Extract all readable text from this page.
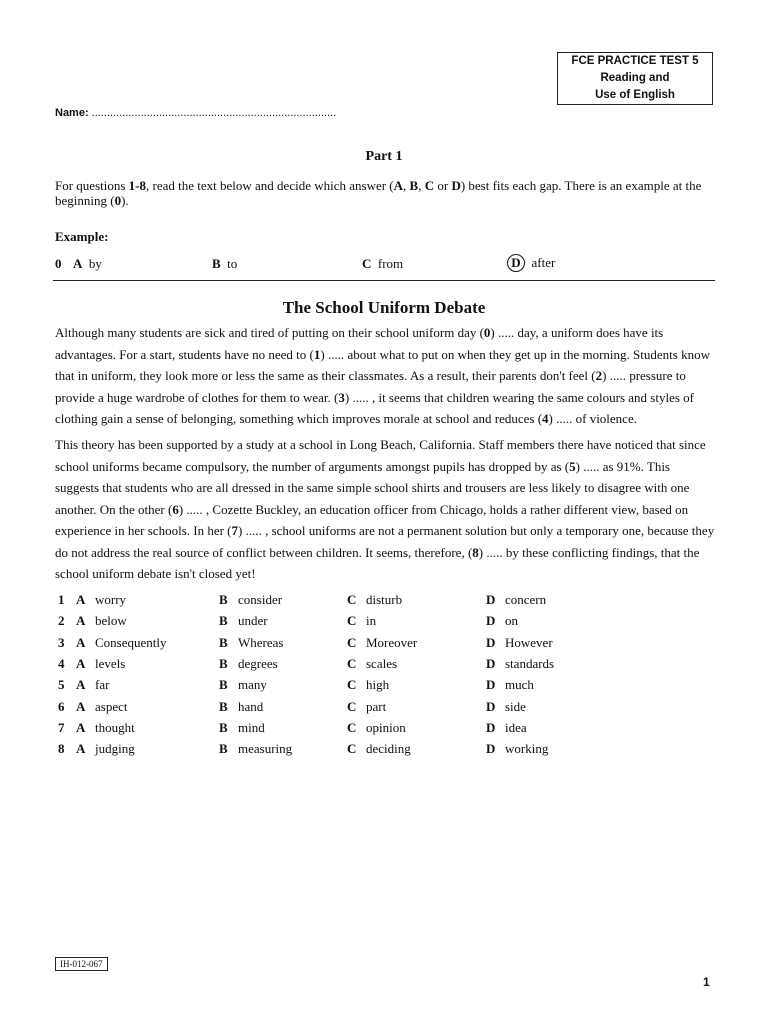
FCE PRACTICE TEST 5
Reading and
Use of English
Name: ................................................................................
Part 1
For questions 1-8, read the text below and decide which answer (A, B, C or D) best fits each gap. There is an example at the beginning (0).
Example:
0 A by	B to	C from	D after
The School Uniform Debate

Although many students are sick and tired of putting on their school uniform day (0) ..... day, a uniform does have its advantages. For a start, students have no need to (1) ..... about what to put on when they get up in the morning. Students know that in uniform, they look more or less the same as their classmates. As a result, their parents don't feel (2) ..... pressure to provide a huge wardrobe of clothes for them to wear. (3) ..... , it seems that children wearing the same colours and styles of clothing gain a sense of belonging, something which improves morale at school and reduces (4) ..... of violence.

This theory has been supported by a study at a school in Long Beach, California. Staff members there have noticed that since school uniforms became compulsory, the number of arguments amongst pupils has dropped by as (5) ..... as 91%. This suggests that students who are all dressed in the same simple school shirts and trousers are less likely to disagree with one another. On the other (6) ..... , Cozette Buckley, an education officer from Chicago, holds a rather different view, based on experience in her schools. In her (7) ..... , school uniforms are not a permanent solution but only a temporary one, because they do not address the real source of conflict between children. It seems, therefore, (8) ..... by these conflicting findings, that the school uniform debate isn't closed yet!

1 A worry	B consider	C disturb	D concern
2 A below	B under	C in	D on
3 A Consequently	B Whereas	C Moreover	D However
4 A levels	B degrees	C scales	D standards
5 A far	B many	C high	D much
6 A aspect	B hand	C part	D side
7 A thought	B mind	C opinion	D idea
8 A judging	B measuring	C deciding	D working
IH-012-067
1
